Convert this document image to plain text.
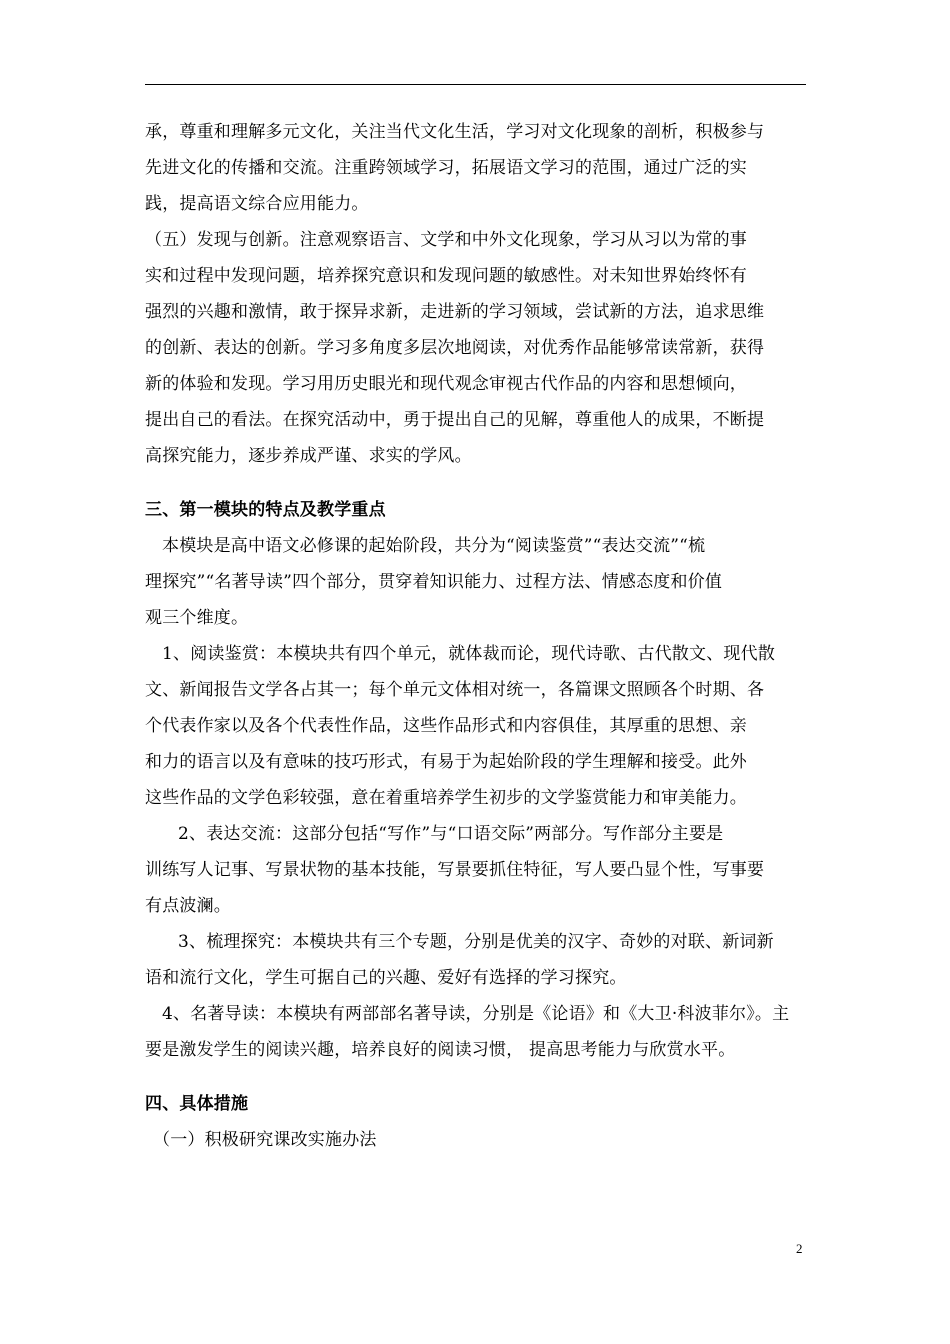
承，尊重和理解多元文化，关注当代文化生活，学习对文化现象的剖析，积极参与
先进文化的传播和交流。注重跨领域学习，拓展语文学习的范围，通过广泛的实
践，提高语文综合应用能力。
（五）发现与创新。注意观察语言、文学和中外文化现象，学习从习以为常的事
实和过程中发现问题，培养探究意识和发现问题的敏感性。对未知世界始终怀有
强烈的兴趣和激情，敢于探异求新，走进新的学习领域，尝试新的方法，追求思维
的创新、表达的创新。学习多角度多层次地阅读，对优秀作品能够常读常新，获得
新的体验和发现。学习用历史眼光和现代观念审视古代作品的内容和思想倾向，
提出自己的看法。在探究活动中，勇于提出自己的见解，尊重他人的成果，不断提
高探究能力，逐步养成严谨、求实的学风。
三、第一模块的特点及教学重点
本模块是高中语文必修课的起始阶段，共分为“阅读鉴赏”“表达交流”“梳
理探究”“名著导读”四个部分，贯穿着知识能力、过程方法、情感态度和价值
观三个维度。
1、阅读鉴赏：本模块共有四个单元，就体裁而论，现代诗歌、古代散文、现代散
文、新闻报告文学各占其一；每个单元文体相对统一，各篇课文照顾各个时期、各
个代表作家以及各个代表性作品，这些作品形式和内容俱佳，其厚重的思想、亲
和力的语言以及有意味的技巧形式，有易于为起始阶段的学生理解和接受。此外
这些作品的文学色彩较强，意在着重培养学生初步的文学鉴赏能力和审美能力。
2、表达交流：这部分包括“写作”与“口语交际”两部分。写作部分主要是
训练写人记事、写景状物的基本技能，写景要抓住特征，写人要凸显个性，写事要
有点波澜。
3、梳理探究：本模块共有三个专题，分别是优美的汉字、奇妙的对联、新词新
语和流行文化，学生可据自己的兴趣、爱好有选择的学习探究。
4、名著导读：本模块有两部部名著导读，分别是《论语》和《大卫·科波菲尔》。主
要是激发学生的阅读兴趣，培养良好的阅读习惯， 提高思考能力与欣赏水平。
四、具体措施
（一）积极研究课改实施办法
2
